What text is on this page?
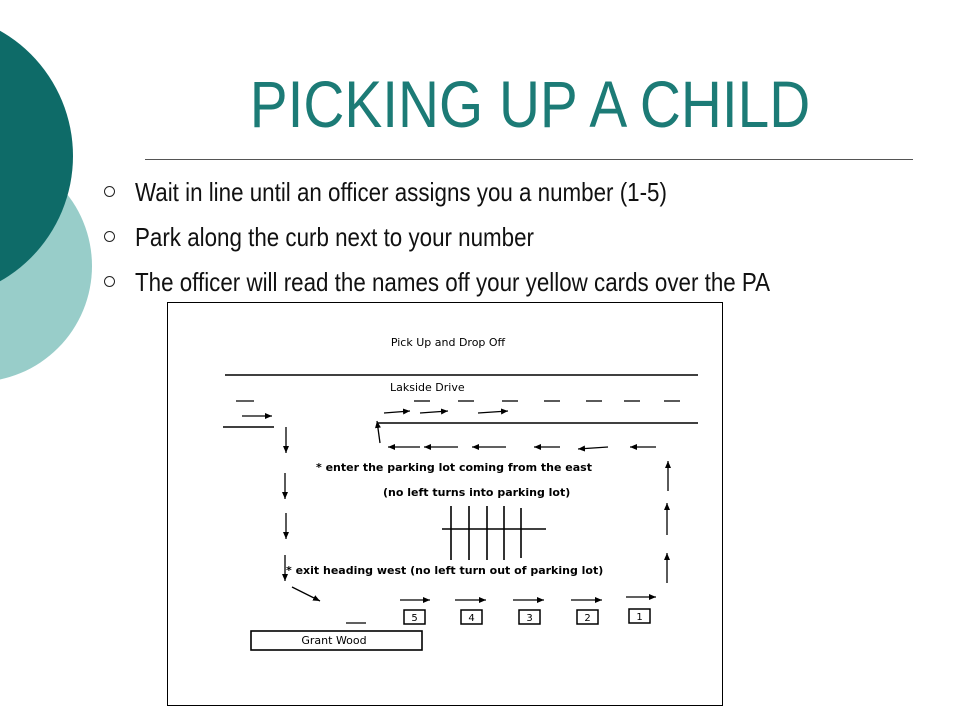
PICKING UP A CHILD
Wait in line until an officer assigns you a number (1-5)
Park along the curb next to your number
The officer will read the names off your yellow cards over the PA
Pick Up and Drop Off
Lakside Drive
* enter the parking lot coming from the east
(no left turns into parking lot)
* exit heading west (no left turn out of parking lot)
5	4	3	2	1
Grant Wood
